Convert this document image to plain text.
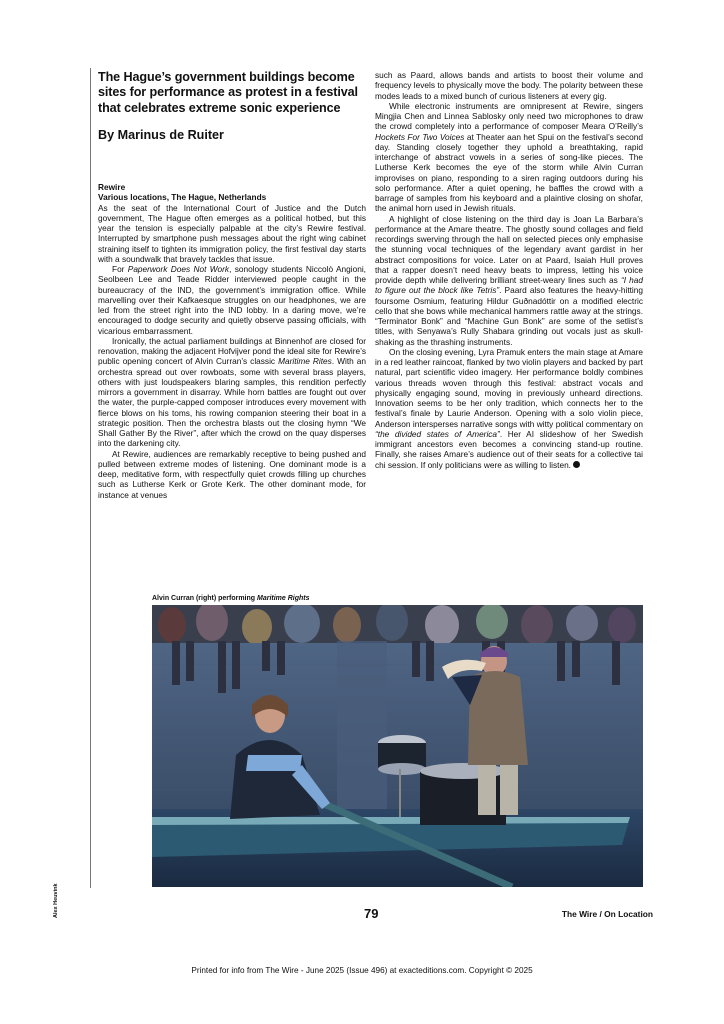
The Hague’s government buildings become sites for performance as protest in a festival that celebrates extreme sonic experience
By Marinus de Ruiter
Rewire
Various locations, The Hague, Netherlands

As the seat of the International Court of Justice and the Dutch government, The Hague often emerges as a political hotbed, but this year the tension is especially palpable at the city’s Rewire festival. Interrupted by smartphone push messages about the right wing cabinet straining itself to tighten its immigration policy, the first festival day starts with a soundwalk that bravely tackles that issue.

For Paperwork Does Not Work, sonology students Niccolò Angioni, Seolbeen Lee and Teade Ridder interviewed people caught in the bureaucracy of the IND, the government’s immigration office. While marvelling over their Kafkaesque struggles on our headphones, we are led from the street right into the IND lobby. In a daring move, we’re encouraged to dodge security and quietly observe passing officials, with vicarious embarrassment.

Ironically, the actual parliament buildings at Binnenhof are closed for renovation, making the adjacent Hofvijver pond the ideal site for Rewire’s public opening concert of Alvin Curran’s classic Maritime Rites. With an orchestra spread out over rowboats, some with several brass players, others with just loudspeakers blaring samples, this rendition perfectly mirrors a government in disarray. While horn battles are fought out over the water, the purple-capped composer introduces every movement with fierce blows on his toms, his rowing companion steering their boat in a strategic position. Then the orchestra blasts out the closing hymn “We Shall Gather By the River”, after which the crowd on the quay disperses into the darkening city.

At Rewire, audiences are remarkably receptive to being pushed and pulled between extreme modes of listening. One dominant mode is a deep, meditative form, with respectfully quiet crowds filling up churches such as Lutherse Kerk or Grote Kerk. The other dominant mode, for instance at venues

such as Paard, allows bands and artists to boost their volume and frequency levels to physically move the body. The polarity between these modes leads to a mixed bunch of curious listeners at every gig.

While electronic instruments are omnipresent at Rewire, singers Mingjia Chen and Linnea Sablosky only need two microphones to draw the crowd completely into a performance of composer Meara O’Reilly’s Hockets For Two Voices at Theater aan het Spui on the festival’s second day. Standing closely together they uphold a breathtaking, rapid interchange of abstract vowels in a series of song-like pieces. The Lutherse Kerk becomes the eye of the storm while Alvin Curran improvises on piano, responding to a siren raging outdoors during his solo performance. After a quiet opening, he baffles the crowd with a barrage of samples from his keyboard and a plaintive closing on shofar, the animal horn used in Jewish rituals.

A highlight of close listening on the third day is Joan La Barbara’s performance at the Amare theatre. The ghostly sound collages and field recordings swerving through the hall on selected pieces only emphasise the stunning vocal techniques of the legendary avant gardist in her abstract compositions for voice. Later on at Paard, Isaiah Hull proves that a rapper doesn’t need heavy beats to impress, letting his voice provide depth while delivering brilliant street-weary lines such as “I had to figure out the block like Tetris”. Paard also features the heavy-hitting foursome Osmium, featuring Hildur Guðnadóttir on a modified electric cello that she bows while mechanical hammers rattle away at the strings. “Terminator Bonk” and “Machine Gun Bonk” are some of the setlist’s titles, with Senyawa’s Rully Shabara grinding out vocals just as skull-shaking as the thrashing instruments.

On the closing evening, Lyra Pramuk enters the main stage at Amare in a red leather raincoat, flanked by two violin players and backed by part natural, part scientific video imagery. Her performance boldly combines various threads woven through this festival: abstract vocals and physically engaging sound, moving in previously unheard directions. Innovation seems to be her only tradition, which connects her to the festival’s finale by Laurie Anderson. Opening with a solo violin piece, Anderson intersperses narrative songs with witty political commentary on “the divided states of America”. Her AI slideshow of her Swedish immigrant ancestors even becomes a convincing stand-up routine. Finally, she raises Amare’s audience out of their seats for a collective tai chi session. If only politicians were as willing to listen.

Alvin Curran (right) performing Maritime Rights
Alex Heuvink	79	The Wire / On Location
Printed for info from The Wire - June 2025 (Issue 496) at exacteditions.com. Copyright © 2025
